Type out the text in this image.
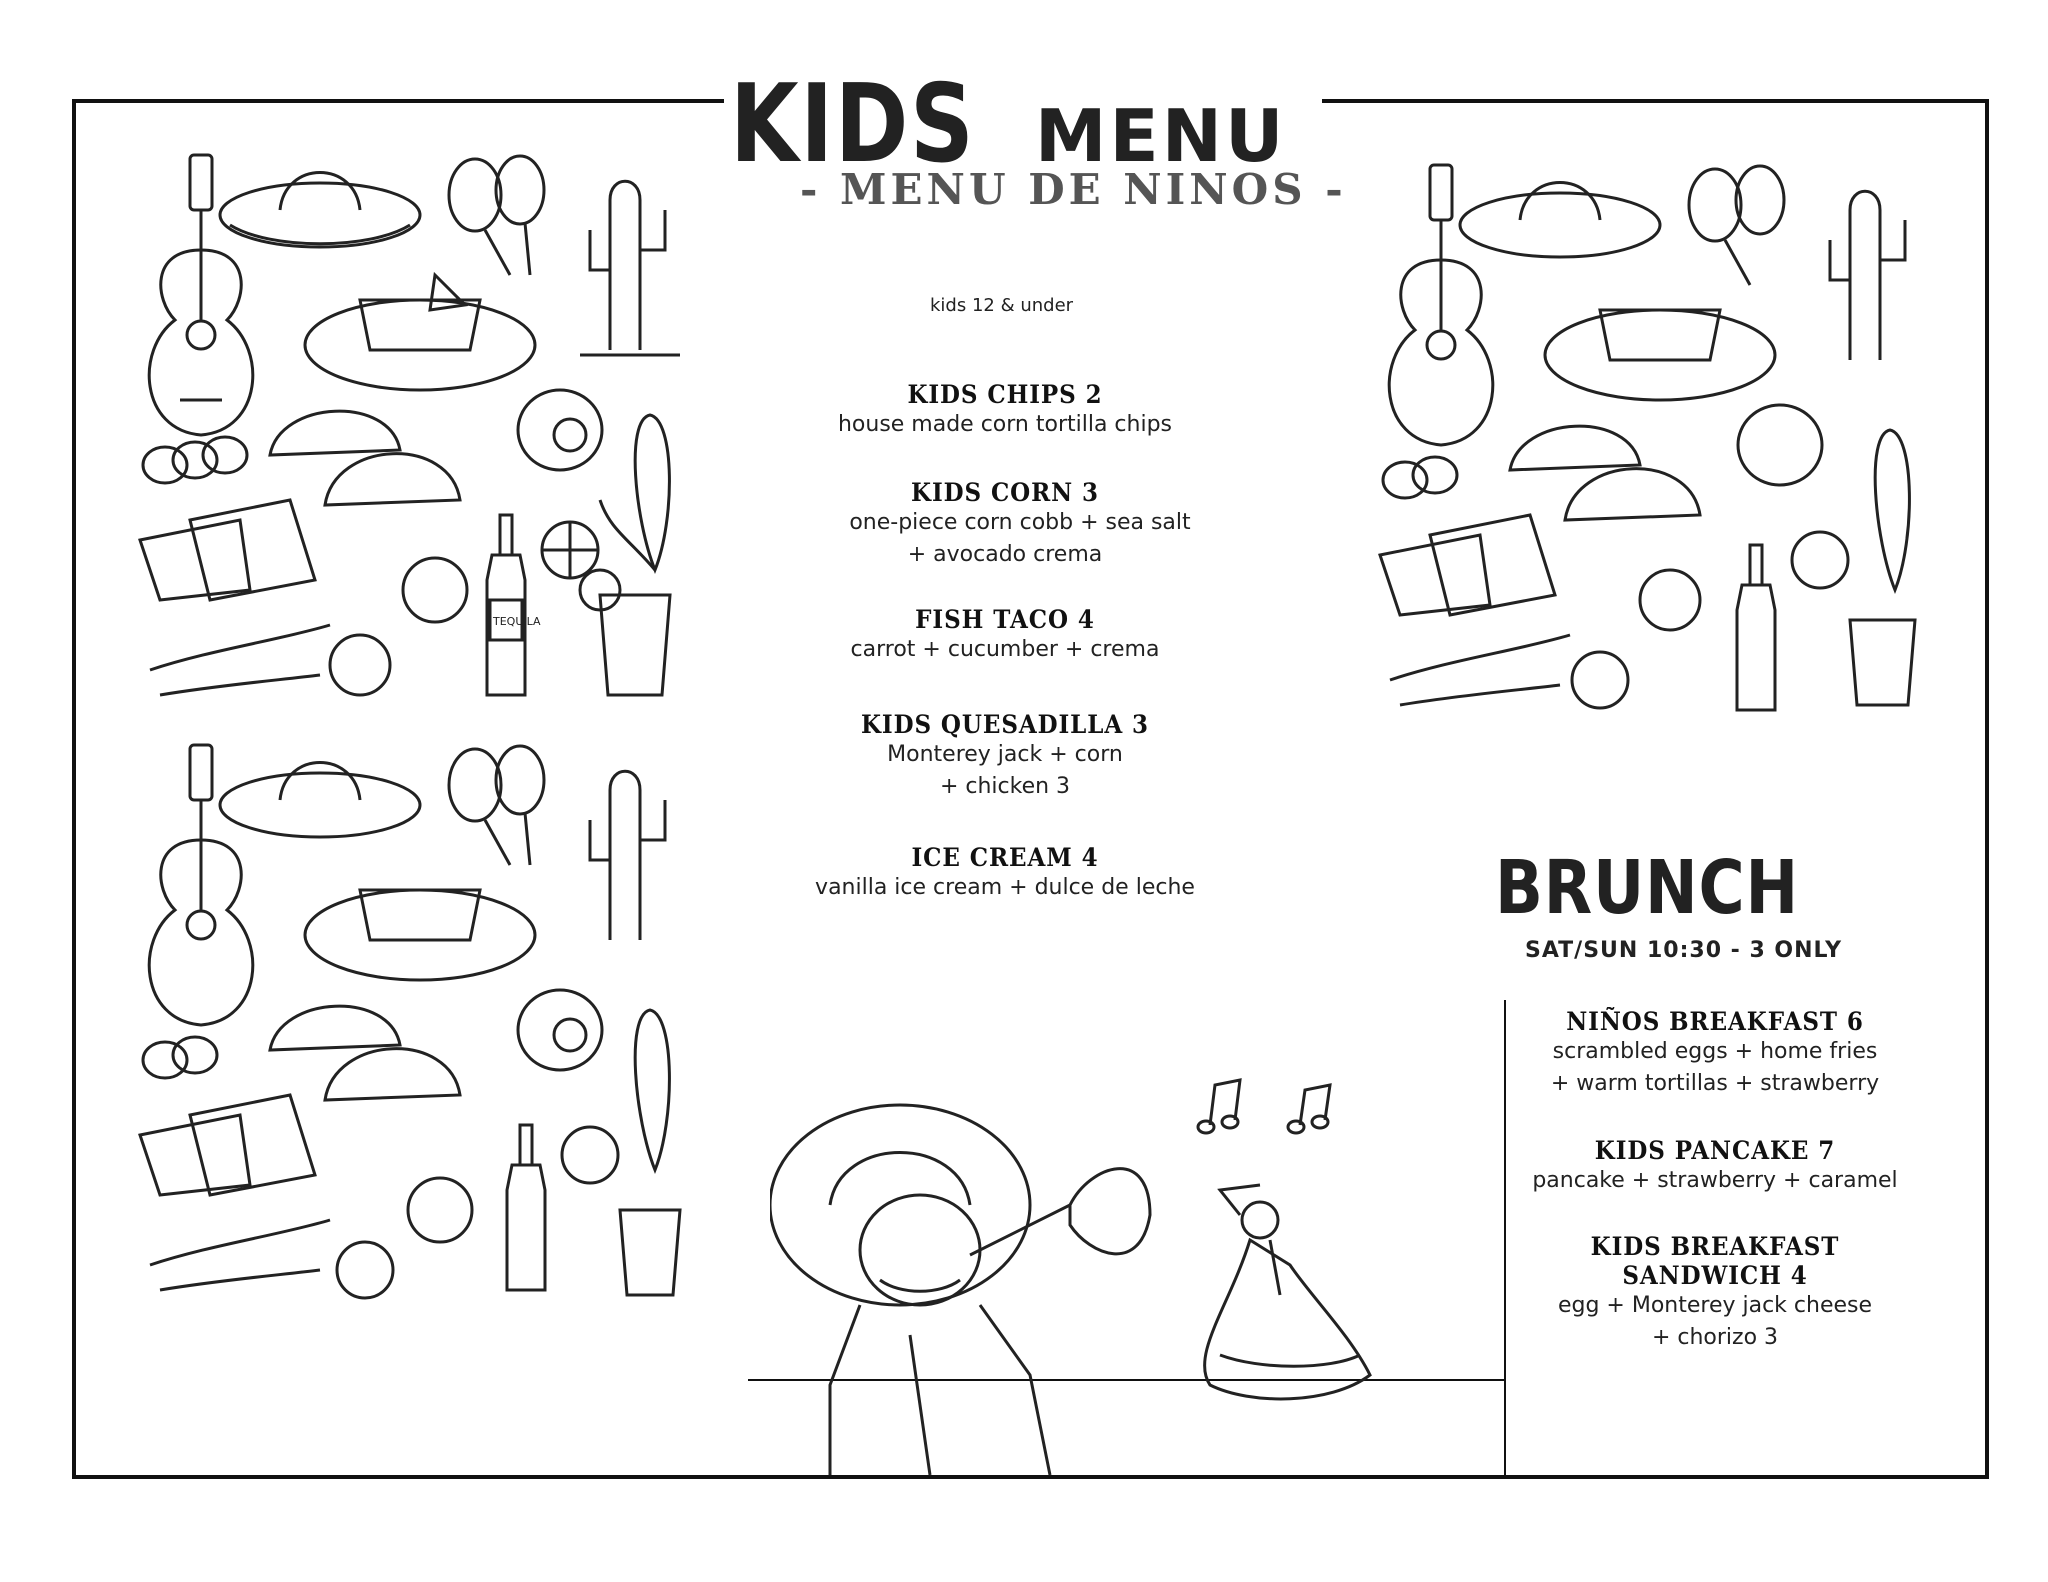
KIDS MENU
- MENU DE NINOS -
kids 12 & under
KIDS CHIPS 2
house made corn tortilla chips
KIDS CORN 3
one-piece corn cobb + sea salt
+ avocado crema
FISH TACO 4
carrot + cucumber + crema
KIDS QUESADILLA 3
Monterey jack + corn
+ chicken 3
ICE CREAM 4
vanilla ice cream + dulce de leche	BRUNCH
SAT/SUN 10:30 - 3 ONLY
NIÑOS BREAKFAST 6
scrambled eggs + home fries
+ warm tortillas + strawberry
KIDS PANCAKE 7
pancake + strawberry + caramel
KIDS BREAKFAST
SANDWICH 4
egg + Monterey jack cheese
+ chorizo 3
TEQUILA
